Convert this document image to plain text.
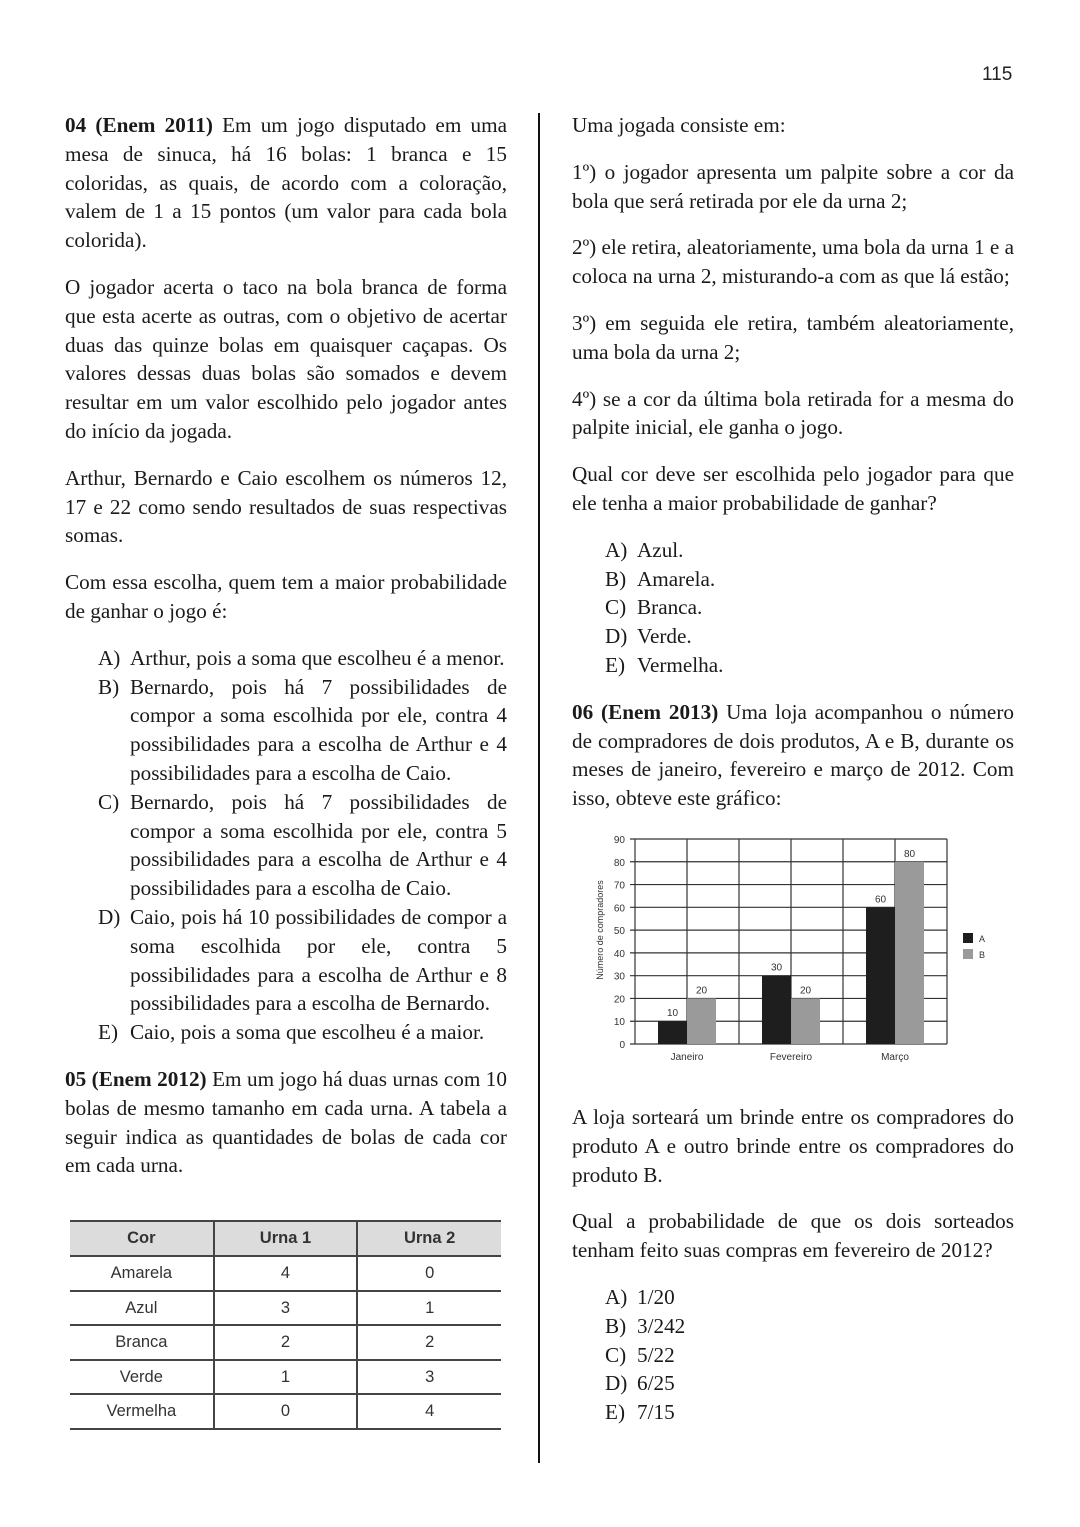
115

04 (Enem 2011) Em um jogo disputado em uma mesa de sinuca, há 16 bolas: 1 branca e 15 coloridas, as quais, de acordo com a coloração, valem de 1 a 15 pontos (um valor para cada bola colorida).

O jogador acerta o taco na bola branca de forma que esta acerte as outras, com o objetivo de acertar duas das quinze bolas em quaisquer caçapas. Os valores dessas duas bolas são somados e devem resultar em um valor escolhido pelo jogador antes do início da jogada.

Arthur, Bernardo e Caio escolhem os números 12, 17 e 22 como sendo resultados de suas respectivas somas.

Com essa escolha, quem tem a maior probabilidade de ganhar o jogo é:

A) Arthur, pois a soma que escolheu é a menor.
B) Bernardo, pois há 7 possibilidades de compor a soma escolhida por ele, contra 4 possibilidades para a escolha de Arthur e 4 possibilidades para a escolha de Caio.
C) Bernardo, pois há 7 possibilidades de compor a soma escolhida por ele, contra 5 possibilidades para a escolha de Arthur e 4 possibilidades para a escolha de Caio.
D) Caio, pois há 10 possibilidades de compor a soma escolhida por ele, contra 5 possibilidades para a escolha de Arthur e 8 possibilidades para a escolha de Bernardo.
E) Caio, pois a soma que escolheu é a maior.

05 (Enem 2012) Em um jogo há duas urnas com 10 bolas de mesmo tamanho em cada urna. A tabela a seguir indica as quantidades de bolas de cada cor em cada urna.

Cor	Urna 1	Urna 2
Amarela	4	0
Azul	3	1
Branca	2	2
Verde	1	3
Vermelha	0	4

Uma jogada consiste em:

1º) o jogador apresenta um palpite sobre a cor da bola que será retirada por ele da urna 2;

2º) ele retira, aleatoriamente, uma bola da urna 1 e a coloca na urna 2, misturando-a com as que lá estão;

3º) em seguida ele retira, também aleatoriamente, uma bola da urna 2;

4º) se a cor da última bola retirada for a mesma do palpite inicial, ele ganha o jogo.

Qual cor deve ser escolhida pelo jogador para que ele tenha a maior probabilidade de ganhar?

A) Azul.
B) Amarela.
C) Branca.
D) Verde.
E) Vermelha.

06 (Enem 2013) Uma loja acompanhou o número de compradores de dois produtos, A e B, durante os meses de janeiro, fevereiro e março de 2012. Com isso, obteve este gráfico:

0
10
20
30
40
50
60
70
80
90
10
20
Janeiro
30
20
Fevereiro
60
80
Março
Número de compradores	A
B

A loja sorteará um brinde entre os compradores do produto A e outro brinde entre os compradores do produto B.

Qual a probabilidade de que os dois sorteados tenham feito suas compras em fevereiro de 2012?

A) 1/20
B) 3/242
C) 5/22
D) 6/25
E) 7/15
